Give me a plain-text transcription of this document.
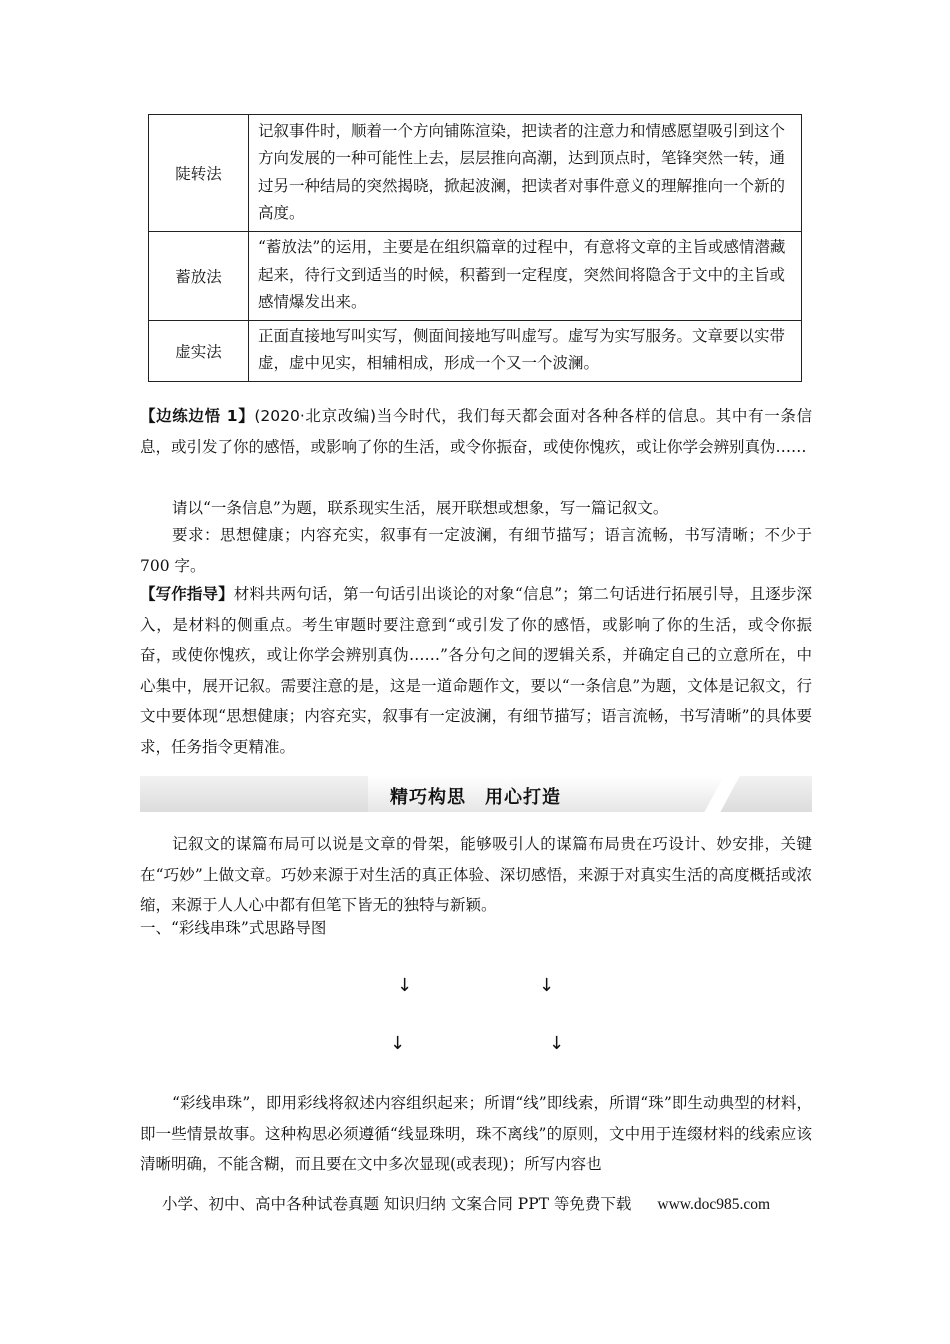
陡转法	记叙事件时，顺着一个方向铺陈渲染，把读者的注意力和情感愿望吸引到这个方向发展的一种可能性上去，层层推向高潮，达到顶点时，笔锋突然一转，通过另一种结局的突然揭晓，掀起波澜，把读者对事件意义的理解推向一个新的高度。
蓄放法	“蓄放法”的运用，主要是在组织篇章的过程中，有意将文章的主旨或感情潜藏起来，待行文到适当的时候，积蓄到一定程度，突然间将隐含于文中的主旨或感情爆发出来。
虚实法	正面直接地写叫实写，侧面间接地写叫虚写。虚写为实写服务。文章要以实带虚，虚中见实，相辅相成，形成一个又一个波澜。

【边练边悟 1】(2020·北京改编)当今时代，我们每天都会面对各种各样的信息。其中有一条信息，或引发了你的感悟，或影响了你的生活，或令你振奋，或使你愧疚，或让你学会辨别真伪……

请以“一条信息”为题，联系现实生活，展开联想或想象，写一篇记叙文。

要求：思想健康；内容充实，叙事有一定波澜，有细节描写；语言流畅，书写清晰；不少于 700 字。

【写作指导】材料共两句话，第一句话引出谈论的对象“信息”；第二句话进行拓展引导，且逐步深入，是材料的侧重点。考生审题时要注意到“或引发了你的感悟，或影响了你的生活，或令你振奋，或使你愧疚，或让你学会辨别真伪……”各分句之间的逻辑关系，并确定自己的立意所在，中心集中，展开记叙。需要注意的是，这是一道命题作文，要以“一条信息”为题，文体是记叙文，行文中要体现“思想健康；内容充实，叙事有一定波澜，有细节描写；语言流畅，书写清晰”的具体要求，任务指令更精准。

精巧构思　用心打造

记叙文的谋篇布局可以说是文章的骨架，能够吸引人的谋篇布局贵在巧设计、妙安排，关键在“巧妙”上做文章。巧妙来源于对生活的真正体验、深切感悟，来源于对真实生活的高度概括或浓缩，来源于人人心中都有但笔下皆无的独特与新颖。

一、“彩线串珠”式思路导图

↓	↓
↓	↓

“彩线串珠”，即用彩线将叙述内容组织起来；所谓“线”即线索，所谓“珠”即生动典型的材料，即一些情景故事。这种构思必须遵循“线显珠明，珠不离线”的原则，文中用于连缀材料的线索应该清晰明确，不能含糊，而且要在文中多次显现(或表现)；所写内容也

小学、初中、高中各种试卷真题 知识归纳 文案合同 PPT 等免费下载 www.doc985.com
